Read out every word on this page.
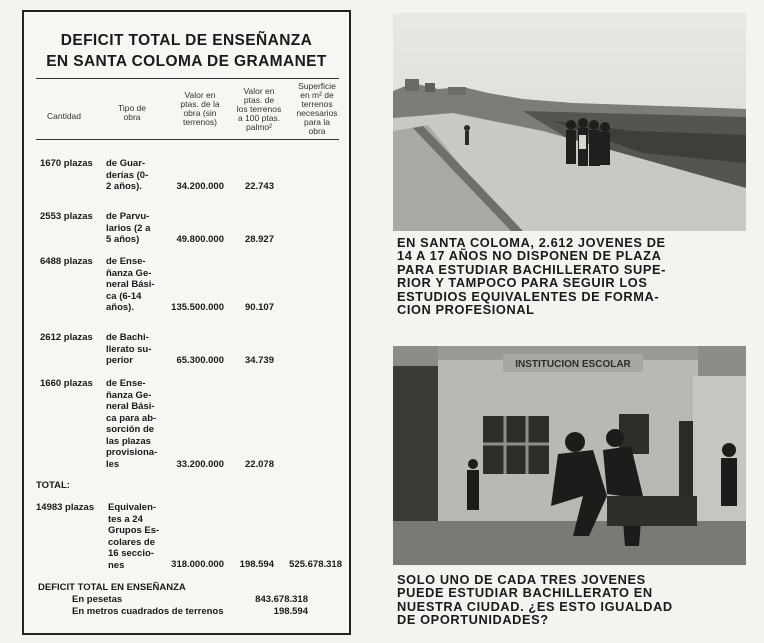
DEFICIT TOTAL DE ENSEÑANZA
EN SANTA COLOMA DE GRAMANET
Cantidad
Tipo de
obra
Valor en
ptas. de la
obra (sin
terrenos)
Valor en
ptas. de
los terrenos
a 100 ptas.
palmo²
Superficie
en m² de
terrenos
necesarios
para la
obra
1670 plazas de Guar-
derías (0-
2 años).	34.200.000	22.743
2553 plazas de Parvu-
larios (2 a
5 años)	49.800.000	28.927
6488 plazas de Ense-
ñanza Ge-
neral Bási-
ca (6-14
años).	135.500.000	90.107
2612 plazas de Bachi-
llerato su-
perior	65.300.000	34.739
1660 plazas de Ense-
ñanza Ge-
neral Bási-
ca para ab-
sorción de
las plazas
provisiona-
les	33.200.000	22.078
TOTAL:
14983 plazas Equivalen-
tes a 24
Grupos Es-
colares de
16 seccio-
nes	318.000.000	198.594	525.678.318
DEFICIT TOTAL EN ENSEÑANZA
En pesetas	843.678.318
En metros cuadrados de terrenos	198.594
EN SANTA COLOMA, 2.612 JOVENES DE
14 A 17 AÑOS NO DISPONEN DE PLAZA
PARA ESTUDIAR BACHILLERATO SUPE-
RIOR Y TAMPOCO PARA SEGUIR LOS
ESTUDIOS EQUIVALENTES DE FORMA-
CION PROFESIONAL
INSTITUCION ESCOLAR
SOLO UNO DE CADA TRES JOVENES
PUEDE ESTUDIAR BACHILLERATO EN
NUESTRA CIUDAD. ¿ES ESTO IGUALDAD
DE OPORTUNIDADES?
